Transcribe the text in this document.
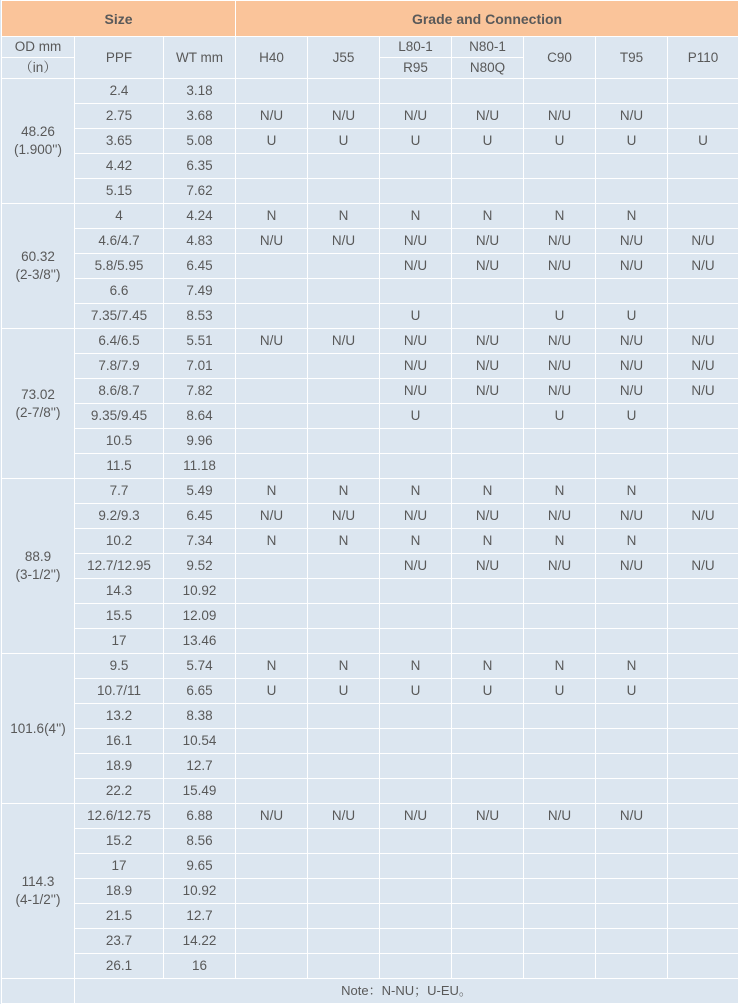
Size			Grade and Connection						
OD mm	PPF	WT mm	H40	J55	L80-1	N80-1	C90	T95	P110
（in）					R95	N80Q			

48.26
(1.900'')	2.4	3.18							
	2.75	3.68	N/U	N/U	N/U	N/U	N/U	N/U	
	3.65	5.08	U	U	U	U	U	U	U
	4.42	6.35							
	5.15	7.62							

60.32
(2-3/8'')	4	4.24	N	N	N	N	N	N	
	4.6/4.7	4.83	N/U	N/U	N/U	N/U	N/U	N/U	N/U
	5.8/5.95	6.45			N/U	N/U	N/U	N/U	N/U
	6.6	7.49							
	7.35/7.45	8.53			U		U	U	

73.02
(2-7/8'')	6.4/6.5	5.51	N/U	N/U	N/U	N/U	N/U	N/U	N/U
	7.8/7.9	7.01			N/U	N/U	N/U	N/U	N/U
	8.6/8.7	7.82			N/U	N/U	N/U	N/U	N/U
	9.35/9.45	8.64			U		U	U	
	10.5	9.96							
	11.5	11.18							

88.9
(3-1/2'')	7.7	5.49	N	N	N	N	N	N	
	9.2/9.3	6.45	N/U	N/U	N/U	N/U	N/U	N/U	N/U
	10.2	7.34	N	N	N	N	N	N	
	12.7/12.95	9.52			N/U	N/U	N/U	N/U	N/U
	14.3	10.92							
	15.5	12.09							
	17	13.46							

101.6(4'')	9.5	5.74	N	N	N	N	N	N	
	10.7/11	6.65	U	U	U	U	U	U	
	13.2	8.38							
	16.1	10.54							
	18.9	12.7							
	22.2	15.49							

114.3
(4-1/2'')	12.6/12.75	6.88	N/U	N/U	N/U	N/U	N/U	N/U	
	15.2	8.56							
	17	9.65							
	18.9	10.92							
	21.5	12.7							
	23.7	14.22							
	26.1	16							
	Note：N-NU；U-EU。								
